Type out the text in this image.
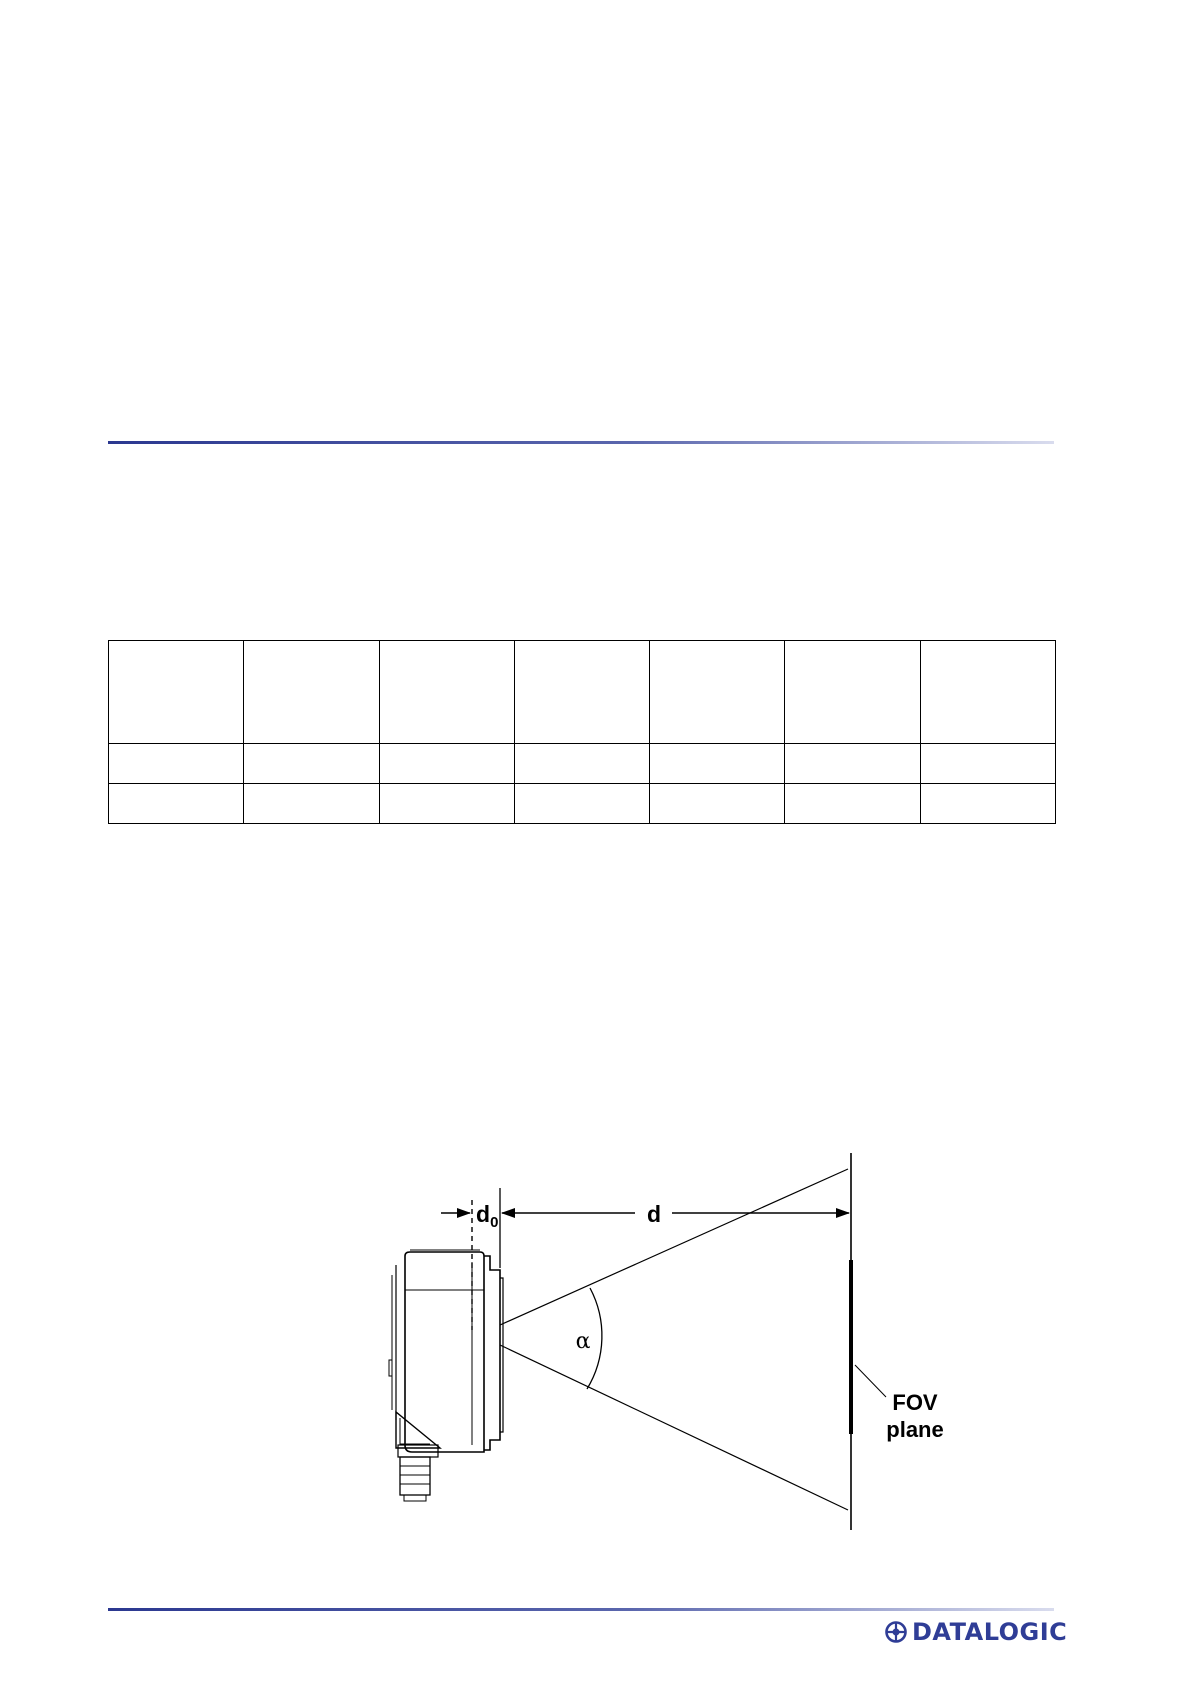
α
FOV
plane
$d_0$	d
DATALOGIC
